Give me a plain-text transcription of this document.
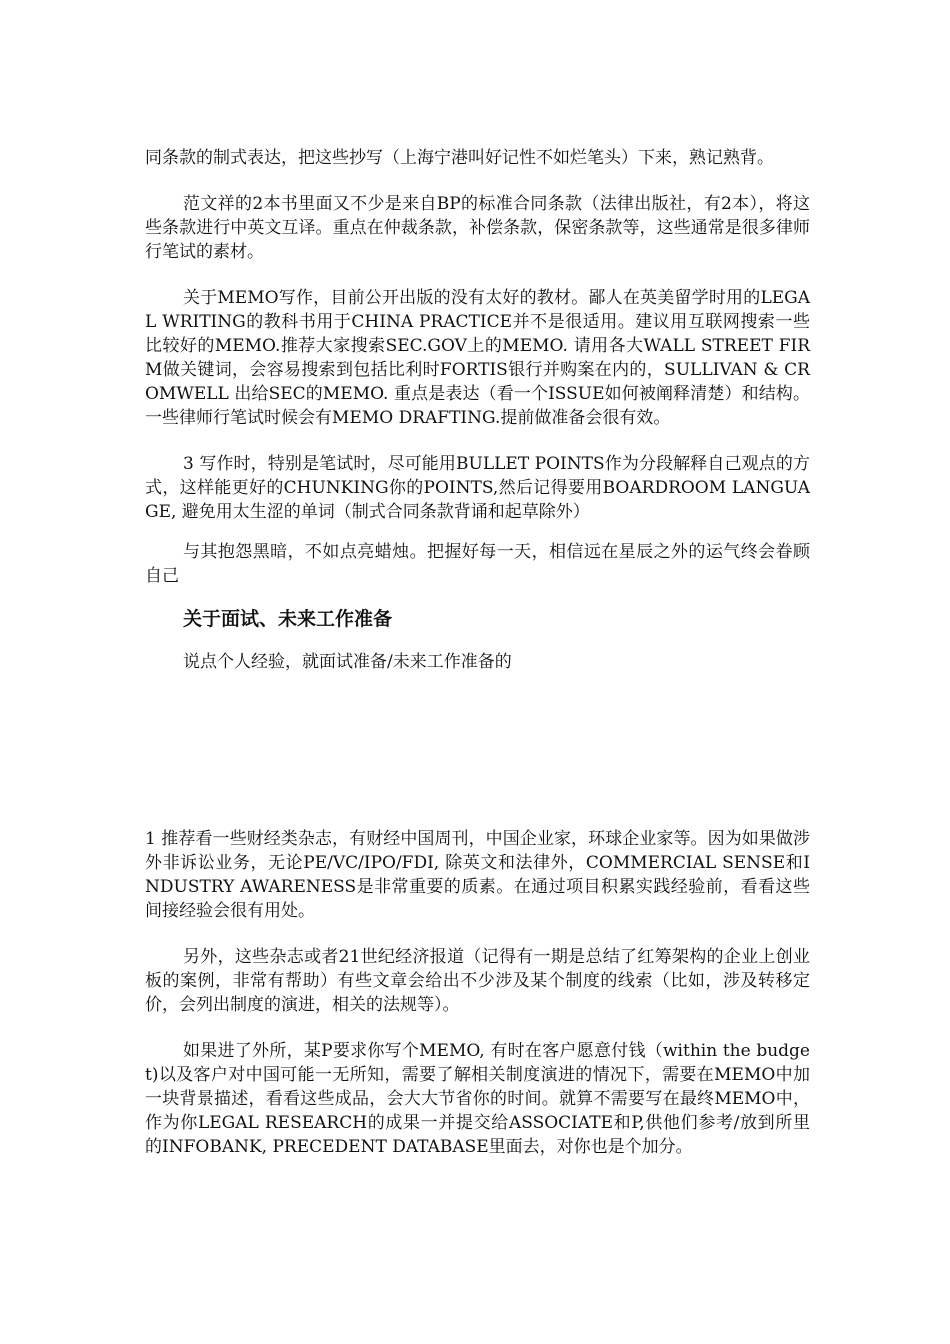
同条款的制式表达，把这些抄写（上海宁港叫好记性不如烂笔头）下来，熟记熟背。

范文祥的2本书里面又不少是来自BP的标准合同条款（法律出版社，有2本），将这些条款进行中英文互译。重点在仲裁条款，补偿条款，保密条款等，这些通常是很多律师行笔试的素材。

关于MEMO写作，目前公开出版的没有太好的教材。鄙人在英美留学时用的LEGAL WRITING的教科书用于CHINA PRACTICE并不是很适用。建议用互联网搜索一些比较好的MEMO.推荐大家搜索SEC.GOV上的MEMO. 请用各大WALL STREET FIRM做关键词，会容易搜索到包括比利时FORTIS银行并购案在内的，SULLIVAN & CROMWELL 出给SEC的MEMO. 重点是表达（看一个ISSUE如何被阐释清楚）和结构。一些律师行笔试时候会有MEMO DRAFTING.提前做准备会很有效。

3 写作时，特别是笔试时，尽可能用BULLET POINTS作为分段解释自己观点的方式，这样能更好的CHUNKING你的POINTS,然后记得要用BOARDROOM LANGUAGE, 避免用太生涩的单词（制式合同条款背诵和起草除外）

与其抱怨黑暗，不如点亮蜡烛。把握好每一天，相信远在星辰之外的运气终会眷顾自己

关于面试、未来工作准备

说点个人经验，就面试准备/未来工作准备的

1 推荐看一些财经类杂志，有财经中国周刊，中国企业家，环球企业家等。因为如果做涉外非诉讼业务，无论PE/VC/IPO/FDI, 除英文和法律外，COMMERCIAL SENSE和INDUSTRY AWARENESS是非常重要的质素。在通过项目积累实践经验前，看看这些间接经验会很有用处。

另外，这些杂志或者21世纪经济报道（记得有一期是总结了红筹架构的企业上创业板的案例，非常有帮助）有些文章会给出不少涉及某个制度的线索（比如，涉及转移定价，会列出制度的演进，相关的法规等）。

如果进了外所，某P要求你写个MEMO, 有时在客户愿意付钱（within the budget)以及客户对中国可能一无所知，需要了解相关制度演进的情况下，需要在MEMO中加一块背景描述，看看这些成品，会大大节省你的时间。就算不需要写在最终MEMO中，作为你LEGAL RESEARCH的成果一并提交给ASSOCIATE和P,供他们参考/放到所里的INFOBANK, PRECEDENT DATABASE里面去，对你也是个加分。
